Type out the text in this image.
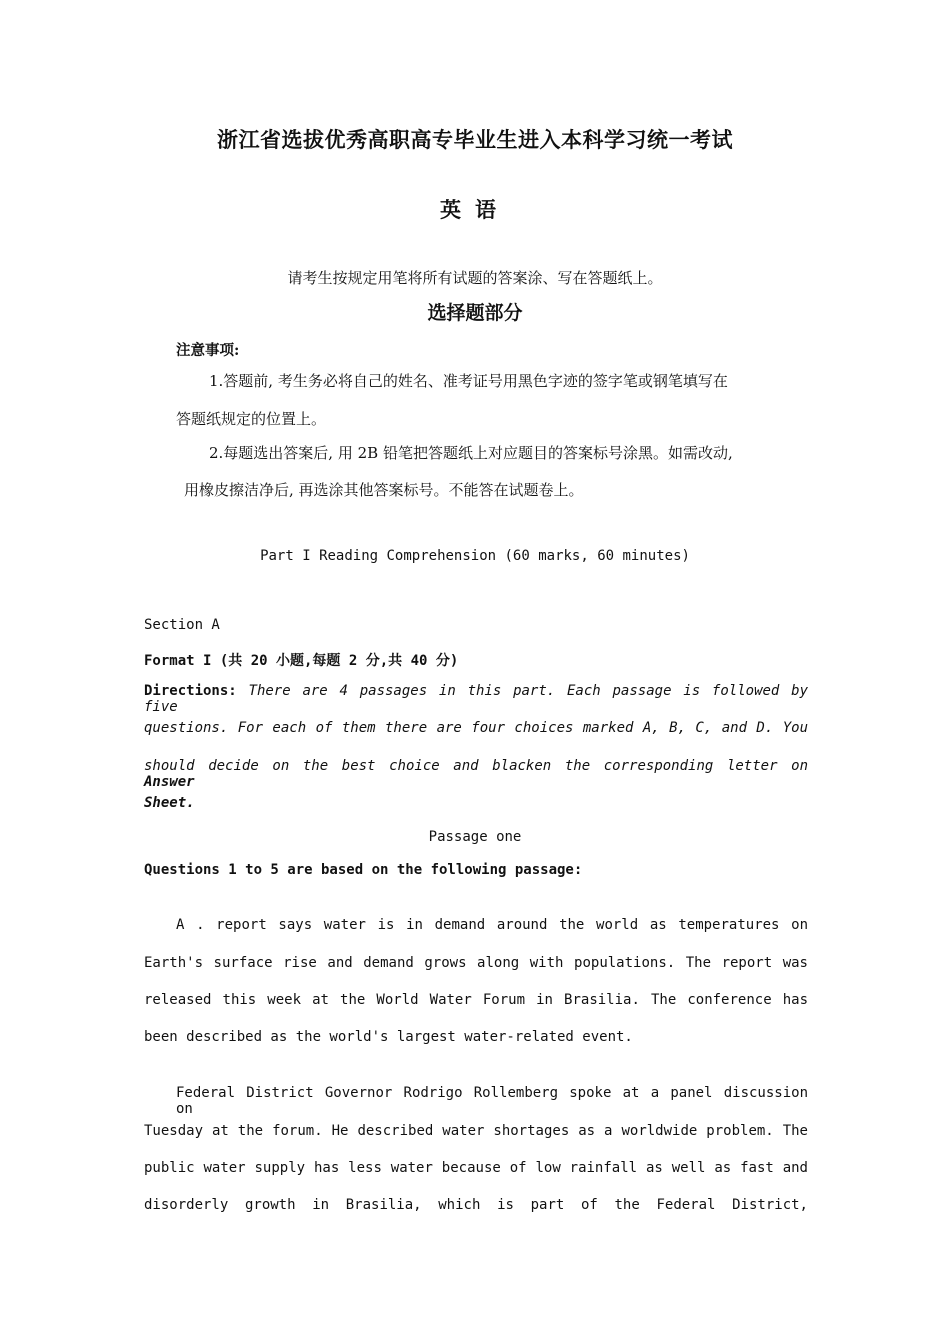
浙江省选拔优秀高职高专毕业生进入本科学习统一考试
英语
请考生按规定用笔将所有试题的答案涂、写在答题纸上。
选择题部分
注意事项:
1.答题前, 考生务必将自己的姓名、准考证号用黑色字迹的签字笔或钢笔填写在
答题纸规定的位置上。
2.每题选出答案后, 用 2B 铅笔把答题纸上对应题目的答案标号涂黑。如需改动,
用橡皮擦洁净后, 再选涂其他答案标号。不能答在试题卷上。
Part I Reading Comprehension (60 marks, 60 minutes)
Section A
Format I (共 20 小题,每题 2 分,共 40 分)
Directions: There are 4 passages in this part. Each passage is followed by five
questions. For each of them there are four choices marked A, B, C, and D. You
should decide on the best choice and blacken the corresponding letter on Answer
Sheet.
Passage one
Questions 1 to 5 are based on the following passage:
A . report says water is in demand around the world as temperatures on
Earth's surface rise and demand grows along with populations. The report was
released this week at the World Water Forum in Brasilia. The conference has
been described as the world's largest water-related event.
Federal District Governor Rodrigo Rollemberg spoke at a panel discussion on
Tuesday at the forum. He described water shortages as a worldwide problem. The
public water supply has less water because of low rainfall as well as fast and
disorderly growth in Brasilia, which is part of the Federal District,
